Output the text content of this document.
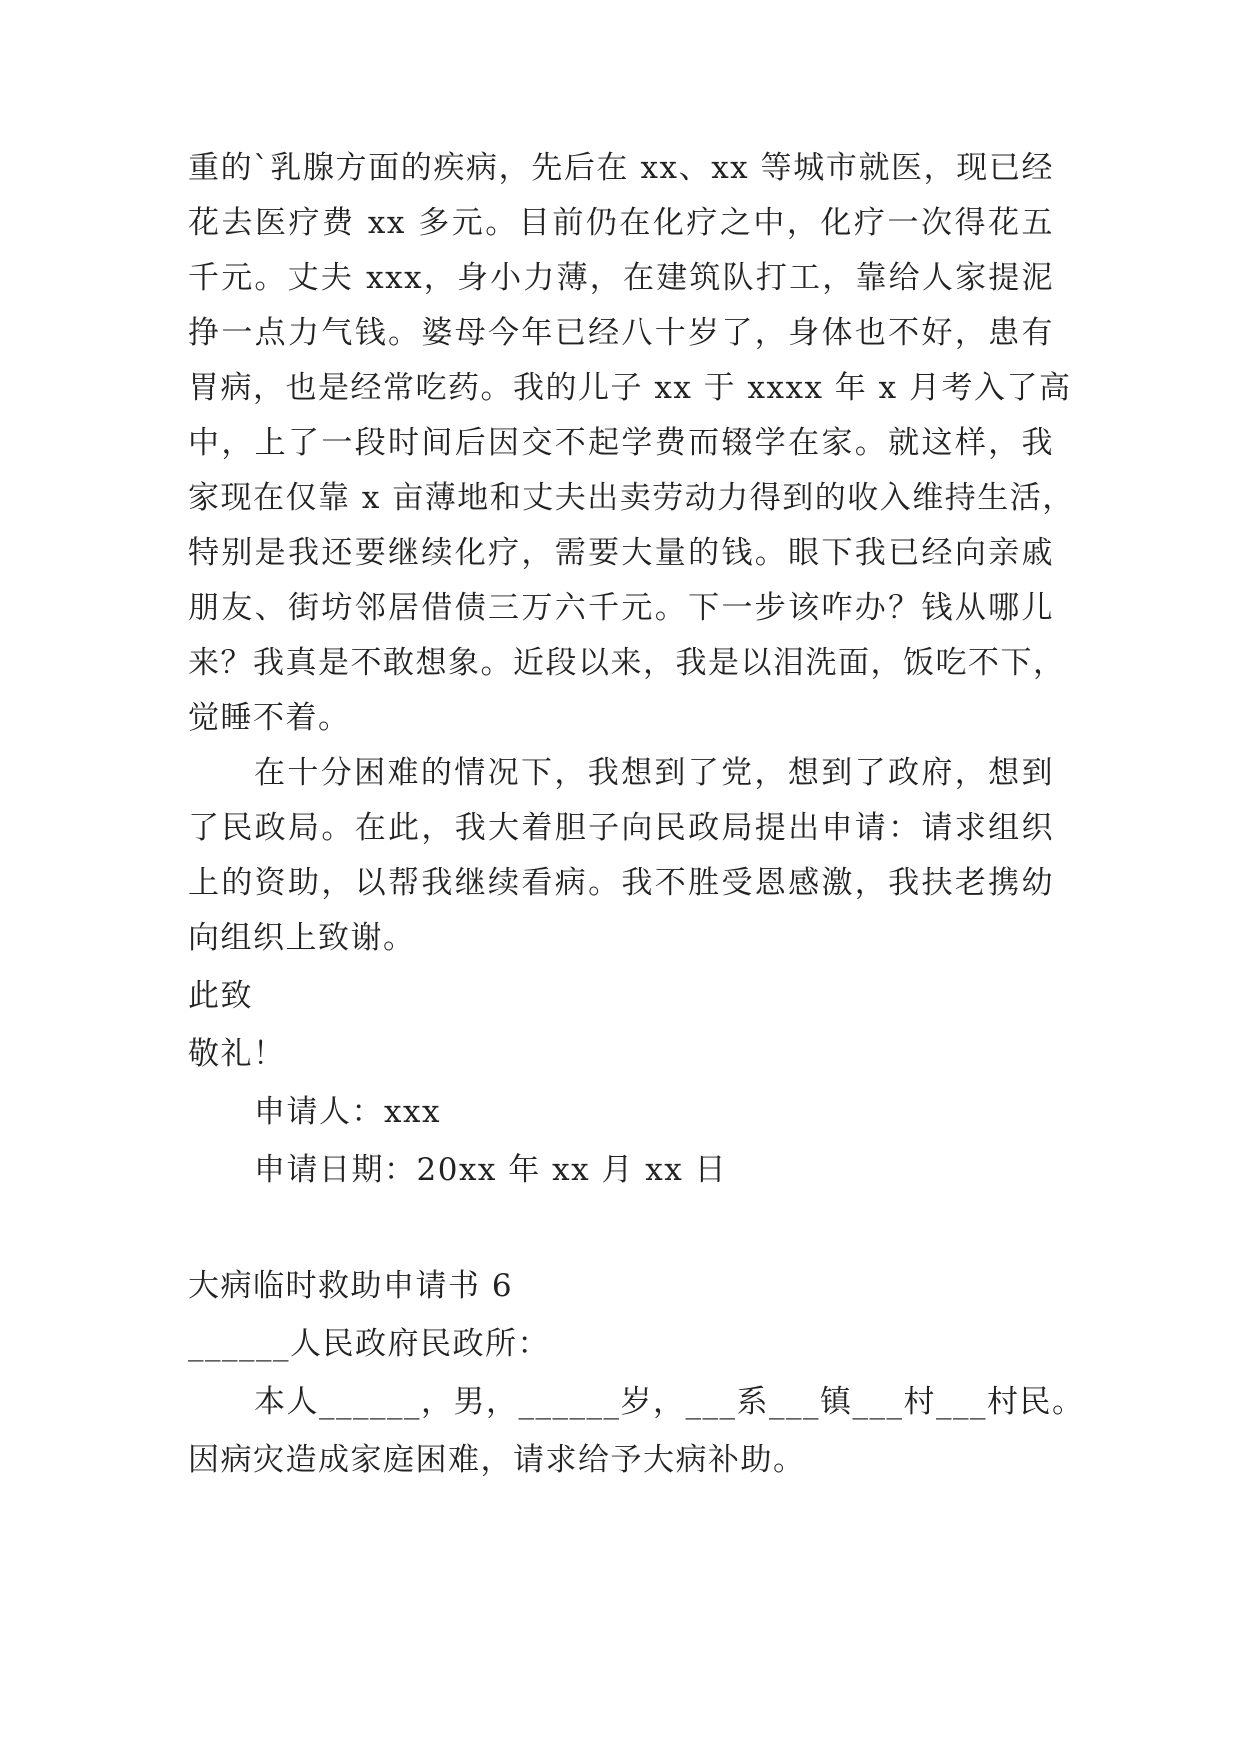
重的`乳腺方面的疾病，先后在 xx、xx 等城市就医，现已经
花去医疗费 xx 多元。目前仍在化疗之中，化疗一次得花五
千元。丈夫 xxx，身小力薄，在建筑队打工，靠给人家提泥
挣一点力气钱。婆母今年已经八十岁了，身体也不好，患有
胃病，也是经常吃药。我的儿子 xx 于 xxxx 年 x 月考入了高
中，上了一段时间后因交不起学费而辍学在家。就这样，我
家现在仅靠 x 亩薄地和丈夫出卖劳动力得到的收入维持生活，
特别是我还要继续化疗，需要大量的钱。眼下我已经向亲戚
朋友、街坊邻居借债三万六千元。下一步该咋办？钱从哪儿
来？我真是不敢想象。近段以来，我是以泪洗面，饭吃不下，
觉睡不着。
在十分困难的情况下，我想到了党，想到了政府，想到
了民政局。在此，我大着胆子向民政局提出申请：请求组织
上的资助，以帮我继续看病。我不胜受恩感激，我扶老携幼
向组织上致谢。
此致
敬礼！
申请人：xxx
申请日期：20xx 年 xx 月 xx 日
大病临时救助申请书 6
______人民政府民政所：
本人______，男，______岁，___系___镇___村___村民。
因病灾造成家庭困难，请求给予大病补助。
